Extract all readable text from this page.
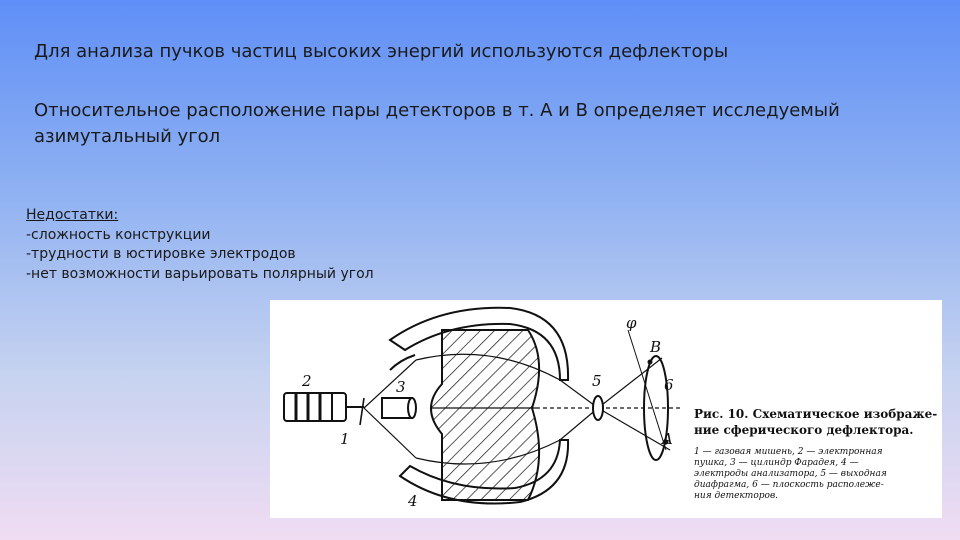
Для анализа пучков частиц высоких энергий используются дефлекторы
Относительное расположение пары детекторов в т. А и В определяет исследуемый азимутальный угол
Недостатки:
-сложность конструкции
-трудности в юстировке электродов
-нет возможности варьировать полярный угол
2	3
1
4
5	6
φ
B
A
Рис. 10. Схематическое изображе-
ние сферического дефлектора.
1 — газовая мишень, 2 — электронная
пушка, 3 — цилиндр Фарадея, 4 —
электроды анализатора, 5 — выходная
диафрагма, 6 — плоскость располеже-
ния детекторов.
